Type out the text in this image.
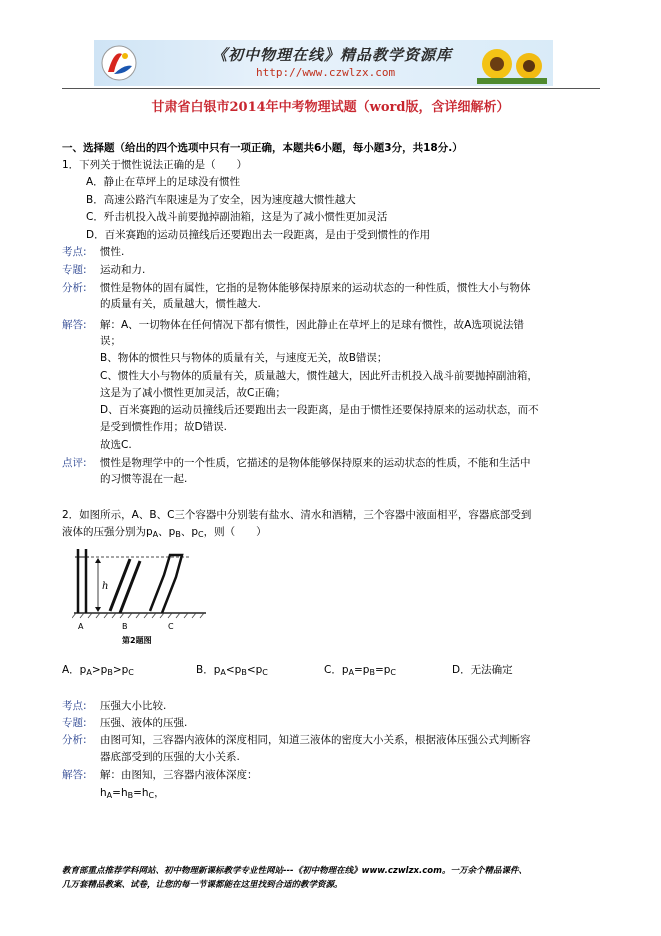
《初中物理在线》精品教学资源库
http://www.czwlzx.com
甘肃省白银市2014年中考物理试题（word版，含详细解析）
一、选择题（给出的四个选项中只有一项正确，本题共6小题，每小题3分，共18分.）
1．下列关于惯性说法正确的是（　　）
A．静止在草坪上的足球没有惯性
B．高速公路汽车限速是为了安全，因为速度越大惯性越大
C．歼击机投入战斗前要抛掉副油箱，这是为了减小惯性更加灵活
D．百米赛跑的运动员撞线后还要跑出去一段距离，是由于受到惯性的作用
考点: 惯性.
专题: 运动和力.
分析: 惯性是物体的固有属性，它指的是物体能够保持原来的运动状态的一种性质，惯性大小与物体
的质量有关，质量越大，惯性越大.
解答: 解：A、一切物体在任何情况下都有惯性，因此静止在草坪上的足球有惯性，故A选项说法错
误；
B、物体的惯性只与物体的质量有关，与速度无关，故B错误；
C、惯性大小与物体的质量有关，质量越大，惯性越大，因此歼击机投入战斗前要抛掉副油箱，
这是为了减小惯性更加灵活，故C正确；
D、百米赛跑的运动员撞线后还要跑出去一段距离，是由于惯性还要保持原来的运动状态，而不
是受到惯性作用；故D错误.
故选C.
点评: 惯性是物理学中的一个性质，它描述的是物体能够保持原来的运动状态的性质，不能和生活中
的习惯等混在一起.
2．如图所示，A、B、C三个容器中分别装有盐水、清水和酒精，三个容器中液面相平，容器底部受到
液体的压强分别为$p_A$、$p_B$、$p_C$，则（　　）
h
A	B	C
第2题图
A．$p_A>p_B>p_C$	B．$p_A<p_B<p_C$	C．$p_A=p_B=p_C$	D．无法确定
考点: 压强大小比较.
专题: 压强、液体的压强.
分析: 由图可知，三容器内液体的深度相同，知道三液体的密度大小关系，根据液体压强公式判断容
器底部受到的压强的大小关系.
解答: 解：由图知，三容器内液体深度：
$h_A=h_B=h_C$，
教育部重点推荐学科网站、初中物理新课标教学专业性网站---《初中物理在线》www.czwlzx.com。一万余个精品课件、
几万套精品教案、试卷，让您的每一节课都能在这里找到合适的教学资源。
